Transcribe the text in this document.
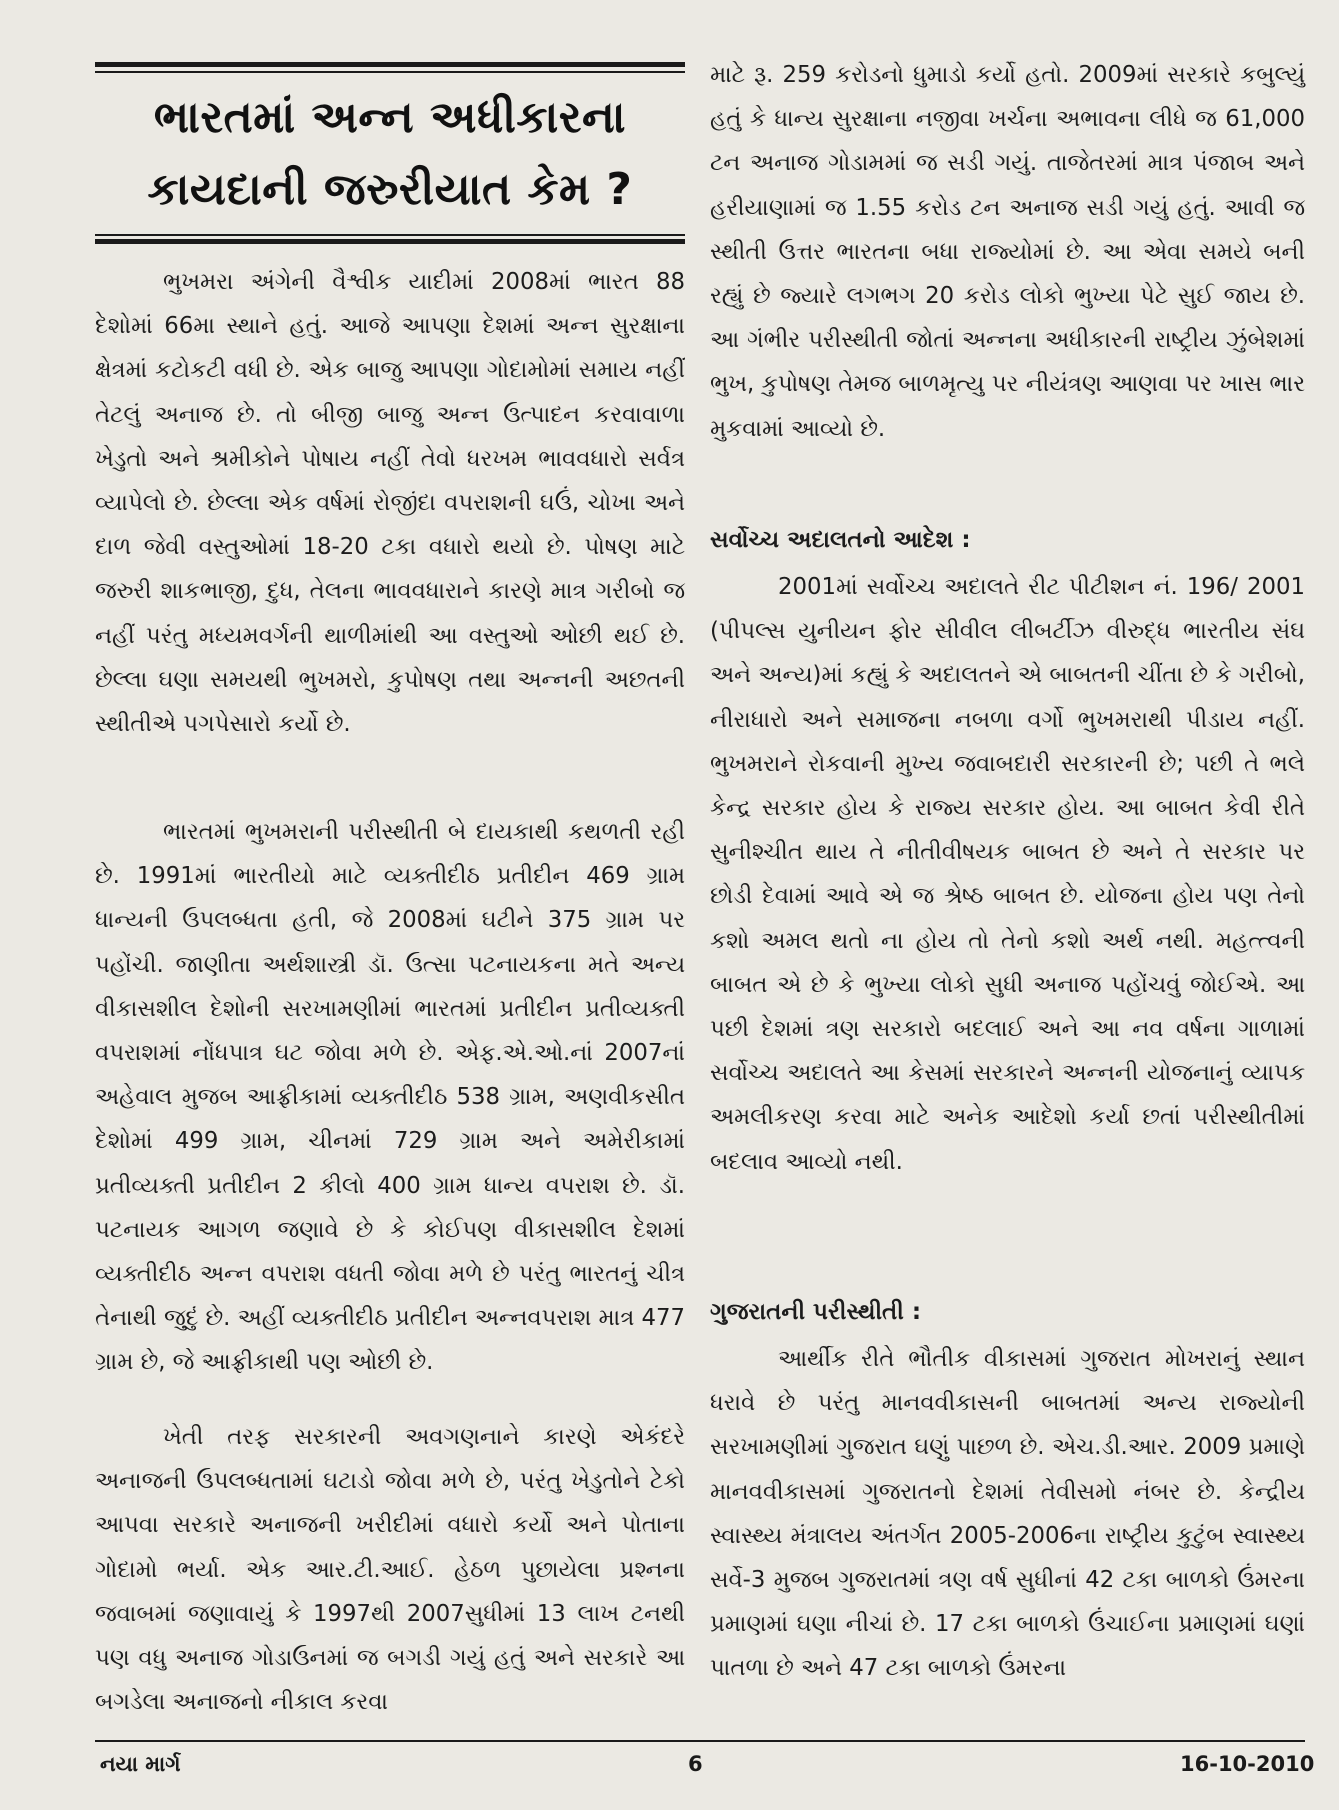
ભારતમાં અન્ન અધીકારના
કાયદાની જરુરીયાત કેમ ?

ભુખમરા અંગેની વૈશ્વીક યાદીમાં 2008માં ભારત 88 દેશોમાં 66મા સ્થાને હતું. આજે આપણા દેશમાં અન્ન સુરક્ષાના ક્ષેત્રમાં કટોકટી વધી છે. એક બાજુ આપણા ગોદામોમાં સમાય નહીં તેટલું અનાજ છે. તો બીજી બાજુ અન્ન ઉત્પાદન કરવાવાળા ખેડુતો અને શ્રમીકોને પોષાય નહીં તેવો ધરખમ ભાવવધારો સર્વત્ર વ્યાપેલો છે. છેલ્લા એક વર્ષમાં રોજીંદા વપરાશની ઘઉં, ચોખા અને દાળ જેવી વસ્તુઓમાં 18-20 ટકા વધારો થયો છે. પોષણ માટે જરુરી શાકભાજી, દુધ, તેલના ભાવવધારાને કારણે માત્ર ગરીબો જ નહીં પરંતુ મધ્યમવર્ગની થાળીમાંથી આ વસ્તુઓ ઓછી થઈ છે. છેલ્લા ઘણા સમયથી ભુખમરો, કુપોષણ તથા અન્નની અછતની સ્થીતીએ પગપેસારો કર્યો છે.

ભારતમાં ભુખમરાની પરીસ્થીતી બે દાયકાથી કથળતી રહી છે. 1991માં ભારતીયો માટે વ્યક્તીદીઠ પ્રતીદીન 469 ગ્રામ ધાન્યની ઉપલબ્ધતા હતી, જે 2008માં ઘટીને 375 ગ્રામ પર પહોંચી. જાણીતા અર્થશાસ્ત્રી ડૉ. ઉત્સા પટનાયકના મતે અન્ય વીકાસશીલ દેશોની સરખામણીમાં ભારતમાં પ્રતીદીન પ્રતીવ્યક્તી વપરાશમાં નોંધપાત્ર ઘટ જોવા મળે છે. એફ.એ.ઓ.નાં 2007નાં અહેવાલ મુજબ આફ્રીકામાં વ્યક્તીદીઠ 538 ગ્રામ, અણવીકસીત દેશોમાં 499 ગ્રામ, ચીનમાં 729 ગ્રામ અને અમેરીકામાં પ્રતીવ્યક્તી પ્રતીદીન 2 કીલો 400 ગ્રામ ધાન્ય વપરાશ છે. ડૉ. પટનાયક આગળ જણાવે છે કે કોઈપણ વીકાસશીલ દેશમાં વ્યક્તીદીઠ અન્ન વપરાશ વધતી જોવા મળે છે પરંતુ ભારતનું ચીત્ર તેનાથી જુદું છે. અહીં વ્યક્તીદીઠ પ્રતીદીન અન્નવપરાશ માત્ર 477 ગ્રામ છે, જે આફ્રીકાથી પણ ઓછી છે.

ખેતી તરફ સરકારની અવગણનાને કારણે એકંદરે અનાજની ઉપલબ્ધતામાં ઘટાડો જોવા મળે છે, પરંતુ ખેડુતોને ટેકો આપવા સરકારે અનાજની ખરીદીમાં વધારો કર્યો અને પોતાના ગોદામો ભર્યા. એક આર.ટી.આઈ. હેઠળ પુછાયેલા પ્રશ્નના જવાબમાં જણાવાયું કે 1997થી 2007સુધીમાં 13 લાખ ટનથી પણ વધુ અનાજ ગોડાઉનમાં જ બગડી ગયું હતું અને સરકારે આ બગડેલા અનાજનો નીકાલ કરવા

માટે રૂ. 259 કરોડનો ધુમાડો કર્યો હતો. 2009માં સરકારે કબુલ્યું હતું કે ધાન્ય સુરક્ષાના નજીવા ખર્ચના અભાવના લીધે જ 61,000 ટન અનાજ ગોડામમાં જ સડી ગયું. તાજેતરમાં માત્ર પંજાબ અને હરીયાણામાં જ 1.55 કરોડ ટન અનાજ સડી ગયું હતું. આવી જ સ્થીતી ઉત્તર ભારતના બધા રાજ્યોમાં છે. આ એવા સમયે બની રહ્યું છે જ્યારે લગભગ 20 કરોડ લોકો ભુખ્યા પેટે સુઈ જાય છે. આ ગંભીર પરીસ્થીતી જોતાં અન્નના અધીકારની રાષ્ટ્રીય ઝુંબેશમાં ભુખ, કુપોષણ તેમજ બાળમૃત્યુ પર નીયંત્રણ આણવા પર ખાસ ભાર મુકવામાં આવ્યો છે.

સર્વોચ્ચ અદાલતનો આદેશ :

2001માં સર્વોચ્ચ અદાલતે રીટ પીટીશન નં. 196/ 2001 (પીપલ્સ યુનીયન ફોર સીવીલ લીબર્ટીઝ વીરુદ્ધ ભારતીય સંઘ અને અન્ય)માં કહ્યું કે અદાલતને એ બાબતની ચીંતા છે કે ગરીબો, નીરાધારો અને સમાજના નબળા વર્ગો ભુખમરાથી પીડાય નહીં. ભુખમરાને રોકવાની મુખ્ય જવાબદારી સરકારની છે; પછી તે ભલે કેન્દ્ર સરકાર હોય કે રાજ્ય સરકાર હોય. આ બાબત કેવી રીતે સુનીશ્ચીત થાય તે નીતીવીષયક બાબત છે અને તે સરકાર પર છોડી દેવામાં આવે એ જ શ્રેષ્ઠ બાબત છે. યોજના હોય પણ તેનો કશો અમલ થતો ના હોય તો તેનો કશો અર્થ નથી. મહત્ત્વની બાબત એ છે કે ભુખ્યા લોકો સુધી અનાજ પહોંચવું જોઈએ. આ પછી દેશમાં ત્રણ સરકારો બદલાઈ અને આ નવ વર્ષના ગાળામાં સર્વોચ્ચ અદાલતે આ કેસમાં સરકારને અન્નની યોજનાનું વ્યાપક અમલીકરણ કરવા માટે અનેક આદેશો કર્યા છતાં પરીસ્થીતીમાં બદલાવ આવ્યો નથી.

ગુજરાતની પરીસ્થીતી :

આર્થીક રીતે ભૌતીક વીકાસમાં ગુજરાત મોખરાનું સ્થાન ધરાવે છે પરંતુ માનવવીકાસની બાબતમાં અન્ય રાજ્યોની સરખામણીમાં ગુજરાત ઘણું પાછળ છે. એચ.ડી.આર. 2009 પ્રમાણે માનવવીકાસમાં ગુજરાતનો દેશમાં તેવીસમો નંબર છે. કેન્દ્રીય સ્વાસ્થ્ય મંત્રાલય અંતર્ગત 2005-2006ના રાષ્ટ્રીય કુટુંબ સ્વાસ્થ્ય સર્વે-3 મુજબ ગુજરાતમાં ત્રણ વર્ષ સુધીનાં 42 ટકા બાળકો ઉંમરના પ્રમાણમાં ઘણા નીચાં છે. 17 ટકા બાળકો ઉંચાઈના પ્રમાણમાં ઘણાં પાતળા છે અને 47 ટકા બાળકો ઉંમરના

નયા માર્ગ	6	16-10-2010
